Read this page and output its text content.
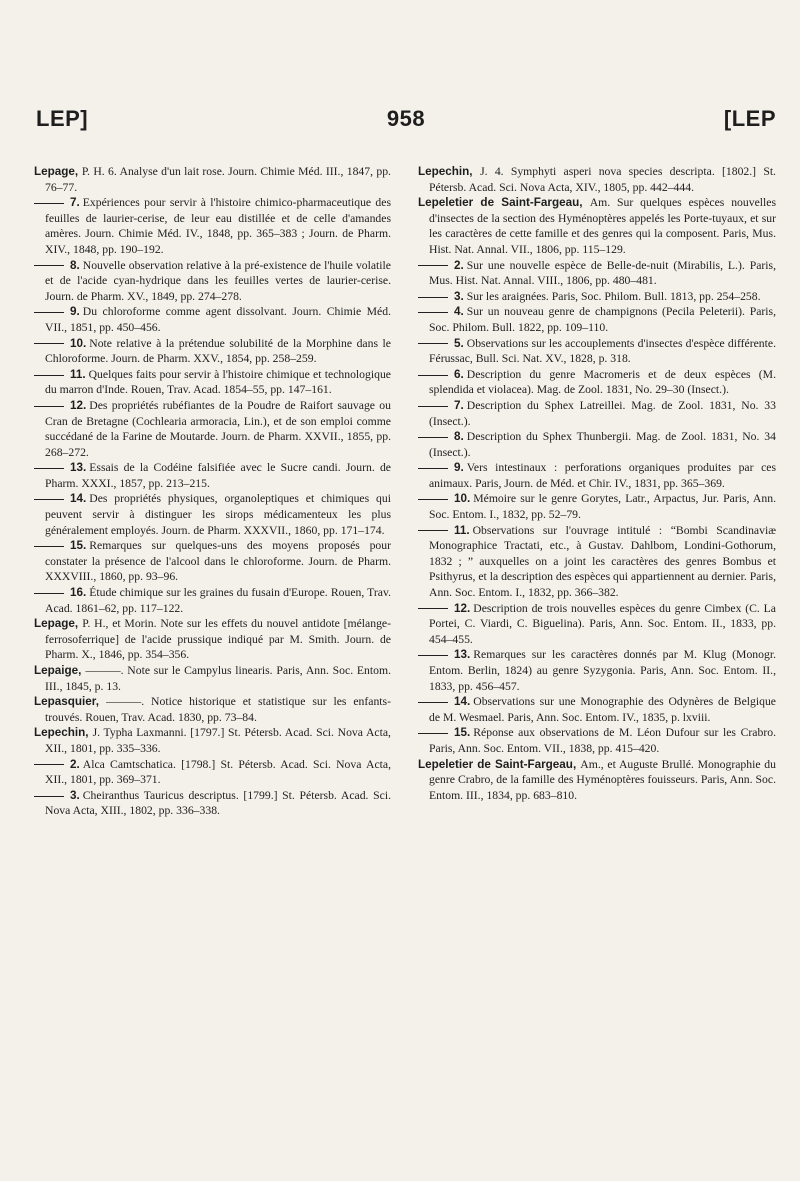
LEP]	958	[LEP

Lepage, P. H. 6. Analyse d'un lait rose. Journ. Chimie Méd. III., 1847, pp. 76–77.

7. Expériences pour servir à l'histoire chimico-pharmaceutique des feuilles de laurier-cerise, de leur eau distillée et de celle d'amandes amères. Journ. Chimie Méd. IV., 1848, pp. 365–383 ; Journ. de Pharm. XIV., 1848, pp. 190–192.

8. Nouvelle observation relative à la pré-existence de l'huile volatile et de l'acide cyan-hydrique dans les feuilles vertes de laurier-cerise. Journ. de Pharm. XV., 1849, pp. 274–278.

9. Du chloroforme comme agent dissolvant. Journ. Chimie Méd. VII., 1851, pp. 450–456.

10. Note relative à la prétendue solubilité de la Morphine dans le Chloroforme. Journ. de Pharm. XXV., 1854, pp. 258–259.

11. Quelques faits pour servir à l'histoire chimique et technologique du marron d'Inde. Rouen, Trav. Acad. 1854–55, pp. 147–161.

12. Des propriétés rubéfiantes de la Poudre de Raifort sauvage ou Cran de Bretagne (Cochlearia armoracia, Lin.), et de son emploi comme succédané de la Farine de Moutarde. Journ. de Pharm. XXVII., 1855, pp. 268–272.

13. Essais de la Codéine falsifiée avec le Sucre candi. Journ. de Pharm. XXXI., 1857, pp. 213–215.

14. Des propriétés physiques, organoleptiques et chimiques qui peuvent servir à distinguer les sirops médicamenteux les plus généralement employés. Journ. de Pharm. XXXVII., 1860, pp. 171–174.

15. Remarques sur quelques-uns des moyens proposés pour constater la présence de l'alcool dans le chloroforme. Journ. de Pharm. XXXVIII., 1860, pp. 93–96.

16. Étude chimique sur les graines du fusain d'Europe. Rouen, Trav. Acad. 1861–62, pp. 117–122.

Lepage, P. H., et Morin. Note sur les effets du nouvel antidote [mélange-ferrosoferrique] de l'acide prussique indiqué par M. Smith. Journ. de Pharm. X., 1846, pp. 354–356.

Lepaige, ———. Note sur le Campylus linearis. Paris, Ann. Soc. Entom. III., 1845, p. 13.

Lepasquier, ———. Notice historique et statistique sur les enfants-trouvés. Rouen, Trav. Acad. 1830, pp. 73–84.

Lepechin, J. Typha Laxmanni. [1797.] St. Pétersb. Acad. Sci. Nova Acta, XII., 1801, pp. 335–336.

2. Alca Camtschatica. [1798.] St. Pétersb. Acad. Sci. Nova Acta, XII., 1801, pp. 369–371.

3. Cheiranthus Tauricus descriptus. [1799.] St. Pétersb. Acad. Sci. Nova Acta, XIII., 1802, pp. 336–338.

Lepechin, J. 4. Symphyti asperi nova species descripta. [1802.] St. Pétersb. Acad. Sci. Nova Acta, XIV., 1805, pp. 442–444.

Lepeletier de Saint-Fargeau, Am. Sur quelques espèces nouvelles d'insectes de la section des Hyménoptères appelés les Porte-tuyaux, et sur les caractères de cette famille et des genres qui la composent. Paris, Mus. Hist. Nat. Annal. VII., 1806, pp. 115–129.

2. Sur une nouvelle espèce de Belle-de-nuit (Mirabilis, L.). Paris, Mus. Hist. Nat. Annal. VIII., 1806, pp. 480–481.

3. Sur les araignées. Paris, Soc. Philom. Bull. 1813, pp. 254–258.

4. Sur un nouveau genre de champignons (Pecila Peleterii). Paris, Soc. Philom. Bull. 1822, pp. 109–110.

5. Observations sur les accouplements d'insectes d'espèce différente. Férussac, Bull. Sci. Nat. XV., 1828, p. 318.

6. Description du genre Macromeris et de deux espèces (M. splendida et violacea). Mag. de Zool. 1831, No. 29–30 (Insect.).

7. Description du Sphex Latreillei. Mag. de Zool. 1831, No. 33 (Insect.).

8. Description du Sphex Thunbergii. Mag. de Zool. 1831, No. 34 (Insect.).

9. Vers intestinaux : perforations organiques produites par ces animaux. Paris, Journ. de Méd. et Chir. IV., 1831, pp. 365–369.

10. Mémoire sur le genre Gorytes, Latr., Arpactus, Jur. Paris, Ann. Soc. Entom. I., 1832, pp. 52–79.

11. Observations sur l'ouvrage intitulé : “Bombi Scandinaviæ Monographice Tractati, etc., à Gustav. Dahlbom, Londini-Gothorum, 1832 ; ” auxquelles on a joint les caractères des genres Bombus et Psithyrus, et la description des espèces qui appartiennent au dernier. Paris, Ann. Soc. Entom. I., 1832, pp. 366–382.

12. Description de trois nouvelles espèces du genre Cimbex (C. La Portei, C. Viardi, C. Biguelina). Paris, Ann. Soc. Entom. II., 1833, pp. 454–455.

13. Remarques sur les caractères donnés par M. Klug (Monogr. Entom. Berlin, 1824) au genre Syzygonia. Paris, Ann. Soc. Entom. II., 1833, pp. 456–457.

14. Observations sur une Monographie des Odynères de Belgique de M. Wesmael. Paris, Ann. Soc. Entom. IV., 1835, p. lxviii.

15. Réponse aux observations de M. Léon Dufour sur les Crabro. Paris, Ann. Soc. Entom. VII., 1838, pp. 415–420.

Lepeletier de Saint-Fargeau, Am., et Auguste Brullé. Monographie du genre Crabro, de la famille des Hyménoptères fouisseurs. Paris, Ann. Soc. Entom. III., 1834, pp. 683–810.
